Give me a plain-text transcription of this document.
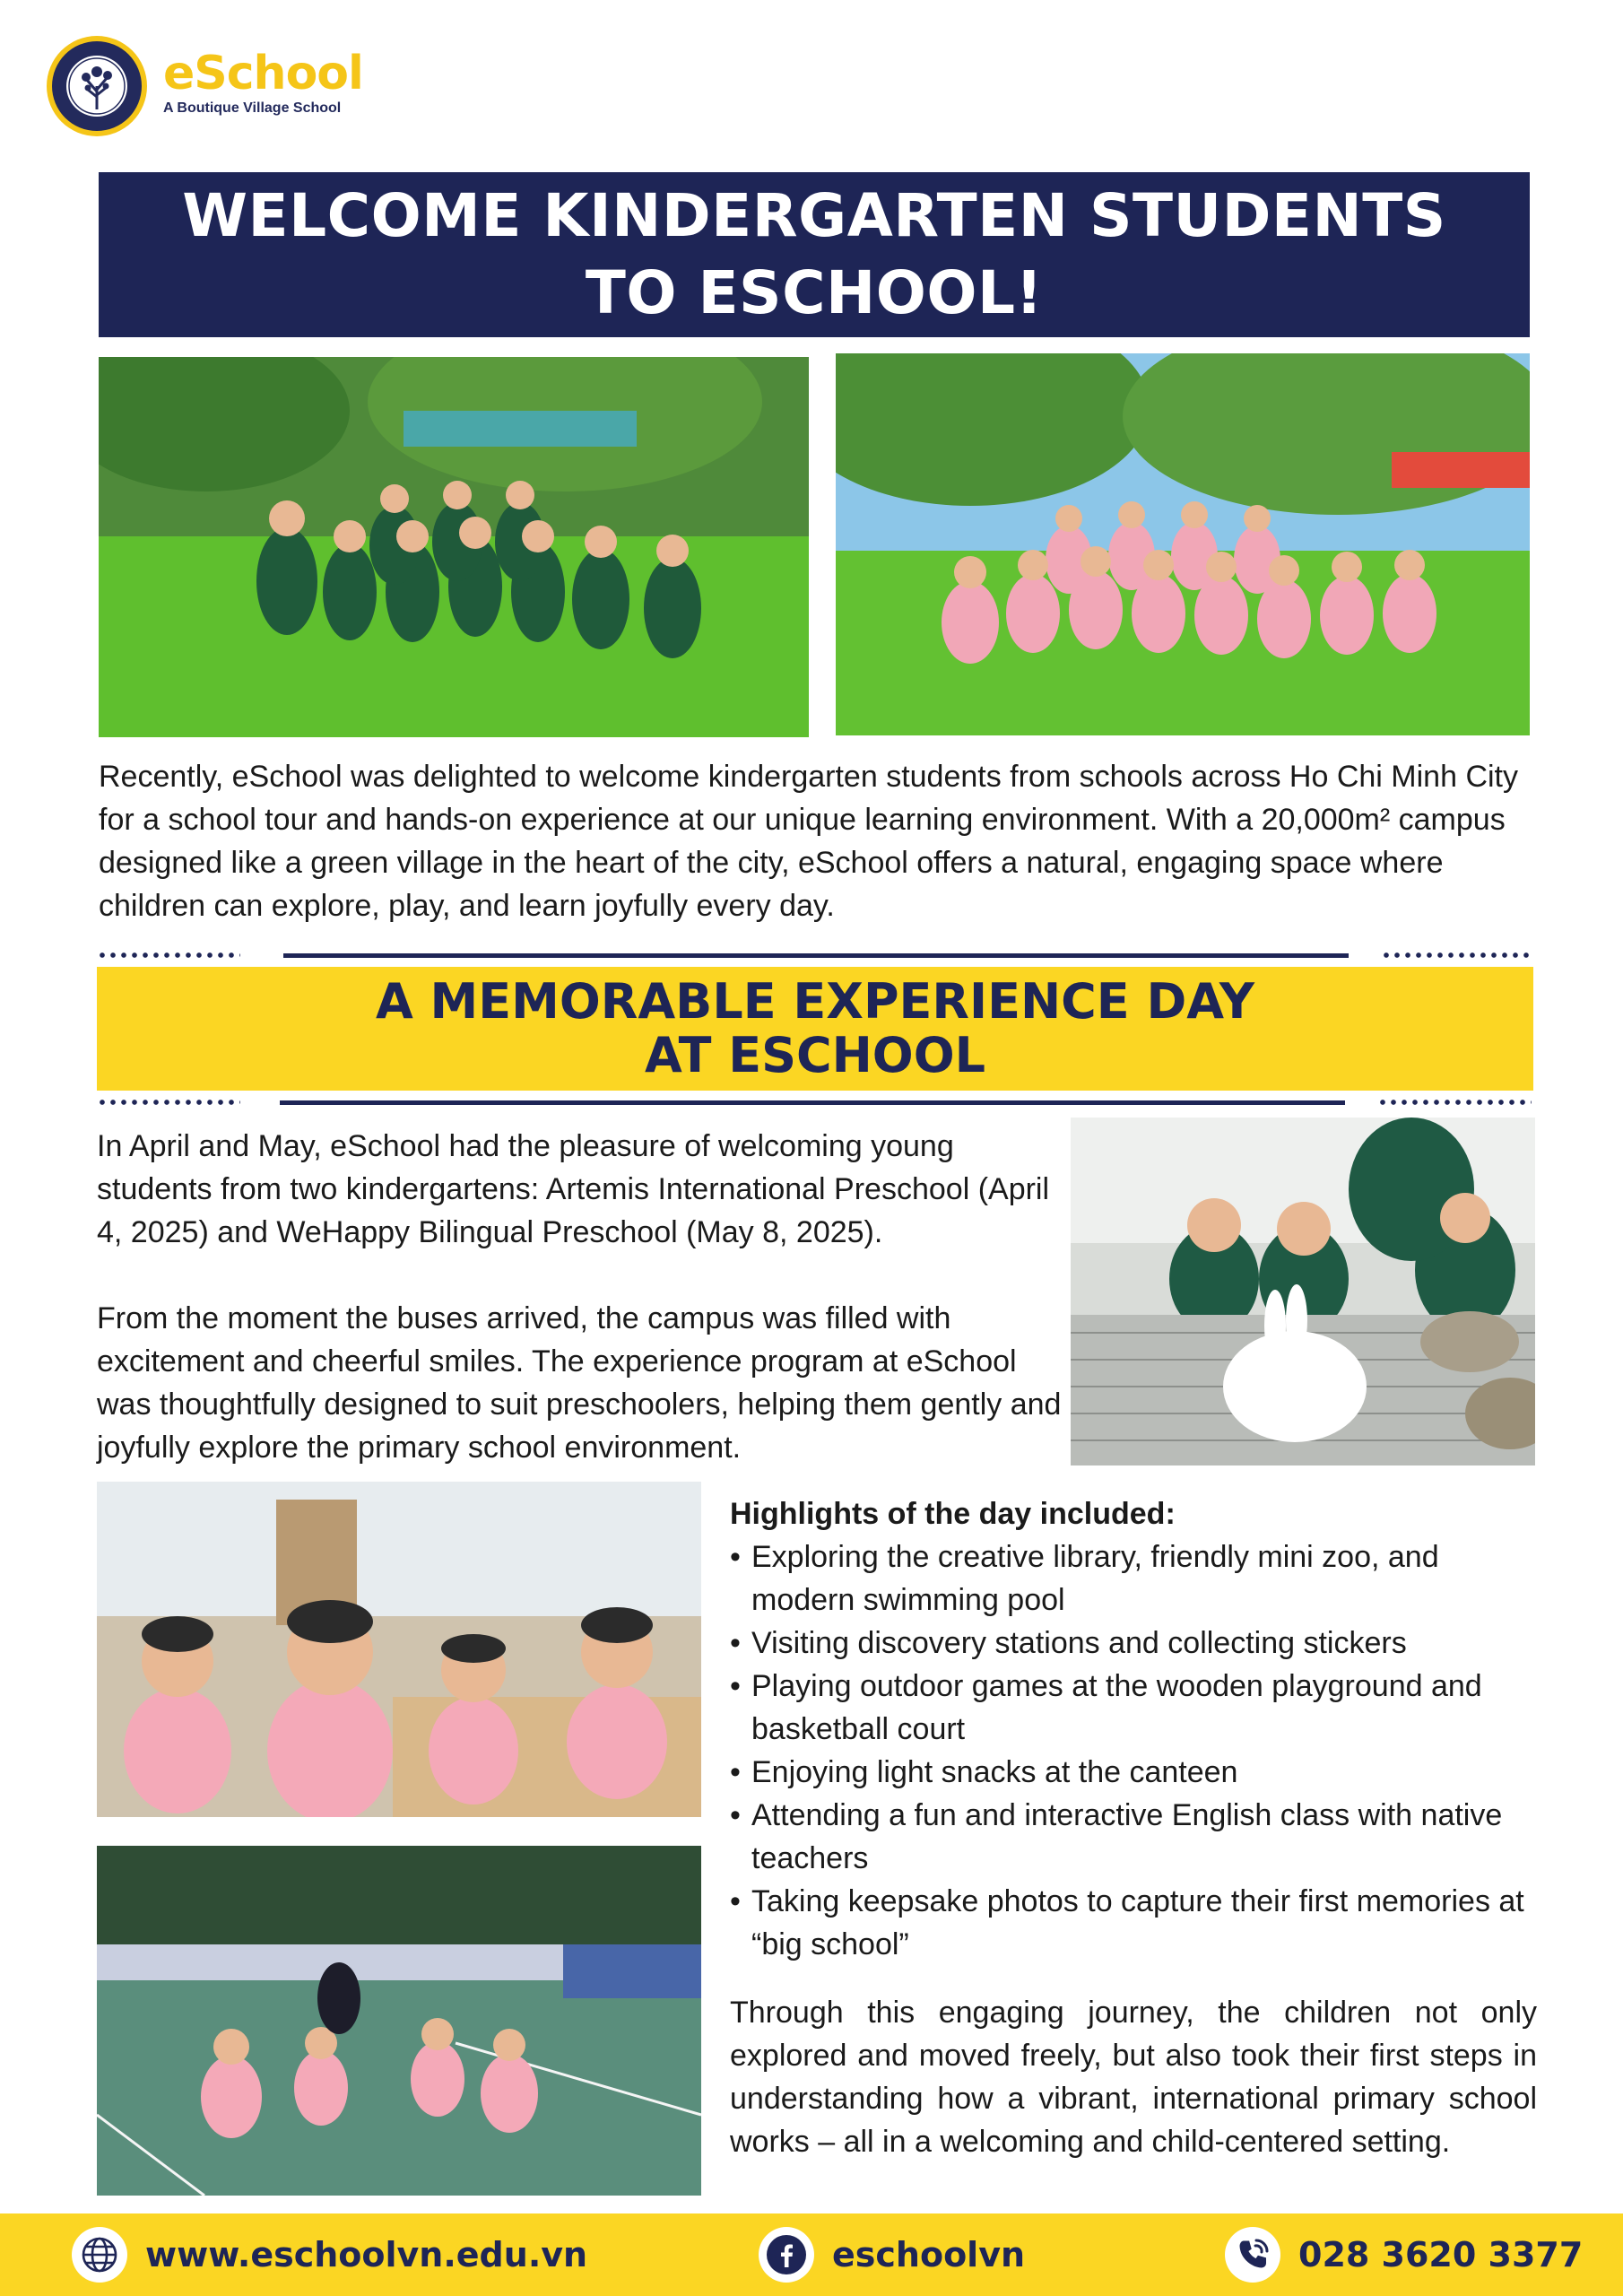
eSchool
A Boutique Village School
WELCOME KINDERGARTEN STUDENTS
TO ESCHOOL!

Recently, eSchool was delighted to welcome kindergarten students from schools across Ho Chi Minh City for a school tour and hands-on experience at our unique learning environment. With a 20,000m² campus designed like a green village in the heart of the city, eSchool offers a natural, engaging space where children can explore, play, and learn joyfully every day.

A MEMORABLE EXPERIENCE DAY
AT ESCHOOL

In April and May, eSchool had the pleasure of welcoming young students from two kindergartens: Artemis International Preschool (April 4, 2025) and WeHappy Bilingual Preschool (May 8, 2025).

From the moment the buses arrived, the campus was filled with excitement and cheerful smiles. The experience program at eSchool was thoughtfully designed to suit preschoolers, helping them gently and joyfully explore the primary school environment.

Highlights of the day included:
• Exploring the creative library, friendly mini zoo, and modern swimming pool
• Visiting discovery stations and collecting stickers
• Playing outdoor games at the wooden playground and basketball court
• Enjoying light snacks at the canteen
• Attending a fun and interactive English class with native teachers
• Taking keepsake photos to capture their first memories at “big school”

Through this engaging journey, the children not only explored and moved freely, but also took their first steps in understanding how a vibrant, international primary school works – all in a welcoming and child-centered setting.

www.eschoolvn.edu.vn	eschoolvn	028 3620 3377
